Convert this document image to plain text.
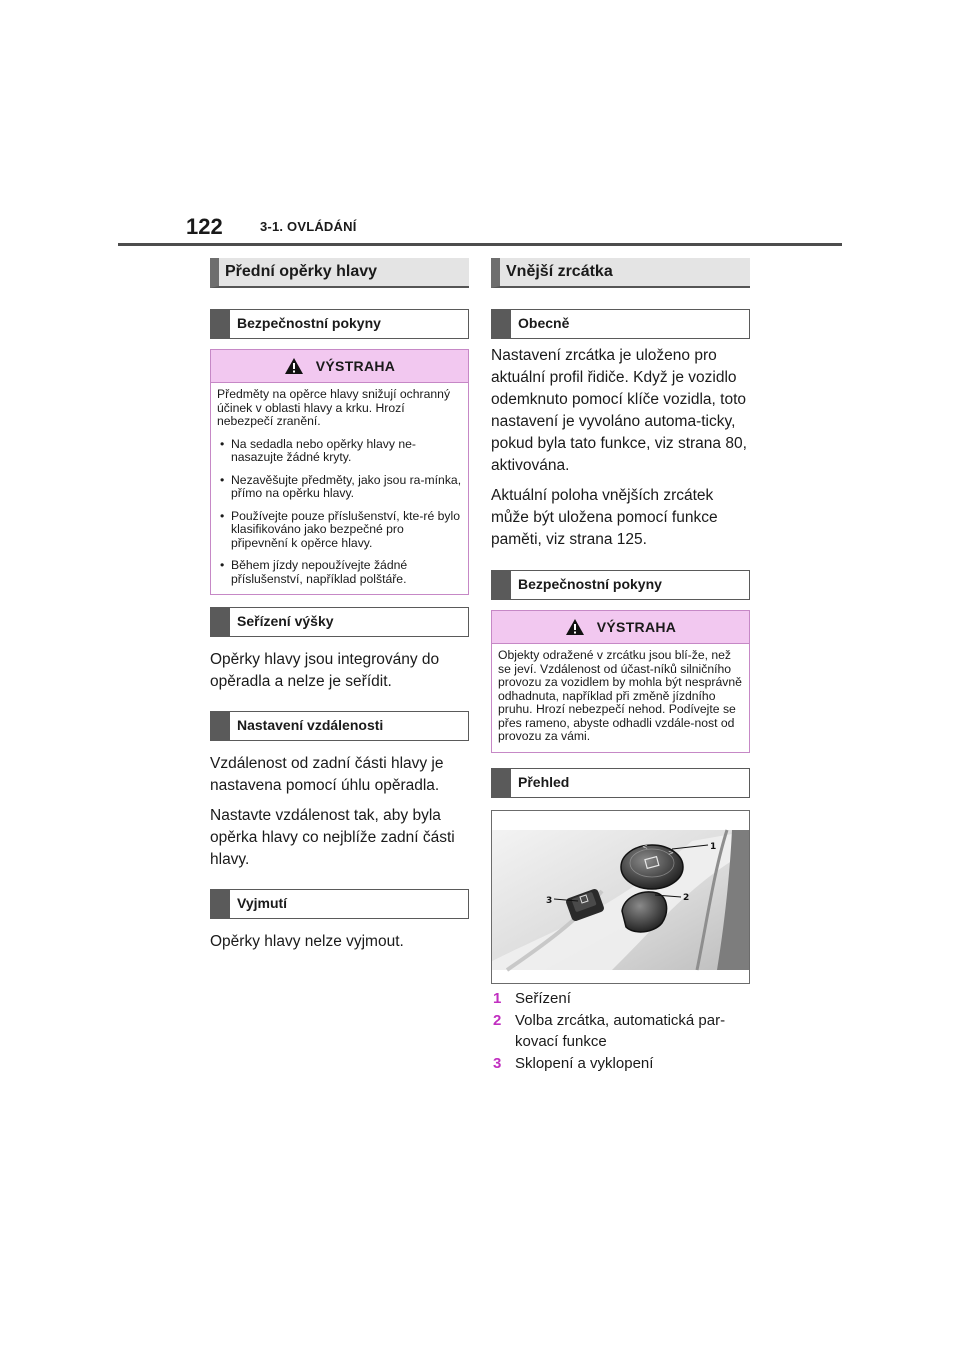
122	3-1. OVLÁDÁNÍ
Přední opěrky hlavy
Bezpečnostní pokyny
VÝSTRAHA
Předměty na opěrce hlavy snižují ochranný účinek v oblasti hlavy a krku. Hrozí nebezpečí zranění.
• Na sedadla nebo opěrky hlavy ne-nasazujte žádné kryty.
• Nezavěšujte předměty, jako jsou ra-mínka, přímo na opěrku hlavy.
• Používejte pouze příslušenství, kte-ré bylo klasifikováno jako bezpečné pro připevnění k opěrce hlavy.
• Během jízdy nepoužívejte žádné příslušenství, například polštáře.
Seřízení výšky

Opěrky hlavy jsou integrovány do opěradla a nelze je seřídit.

Nastavení vzdálenosti

Vzdálenost od zadní části hlavy je nastavena pomocí úhlu opěradla.

Nastavte vzdálenost tak, aby byla opěrka hlavy co nejblíže zadní části hlavy.

Vyjmutí

Opěrky hlavy nelze vyjmout.

Vnější zrcátka
Obecně

Nastavení zrcátka je uloženo pro aktuální profil řidiče. Když je vozidlo odemknuto pomocí klíče vozidla, toto nastavení je vyvoláno automa-ticky, pokud byla tato funkce, viz strana 80, aktivována.

Aktuální poloha vnějších zrcátek může být uložena pomocí funkce paměti, viz strana 125.

Bezpečnostní pokyny
VÝSTRAHA
Objekty odražené v zrcátku jsou blí-že, než se jeví. Vzdálenost od účast-níků silničního provozu za vozidlem by mohla být nesprávně odhadnuta, například při změně jízdního pruhu. Hrozí nebezpečí nehod. Podívejte se přes rameno, abyste odhadli vzdále-nost od provozu za vámi.
Přehled
<
>
1
2
3
1 Seřízení
2 Volba zrcátka, automatická par-kovací funkce
3 Sklopení a vyklopení
